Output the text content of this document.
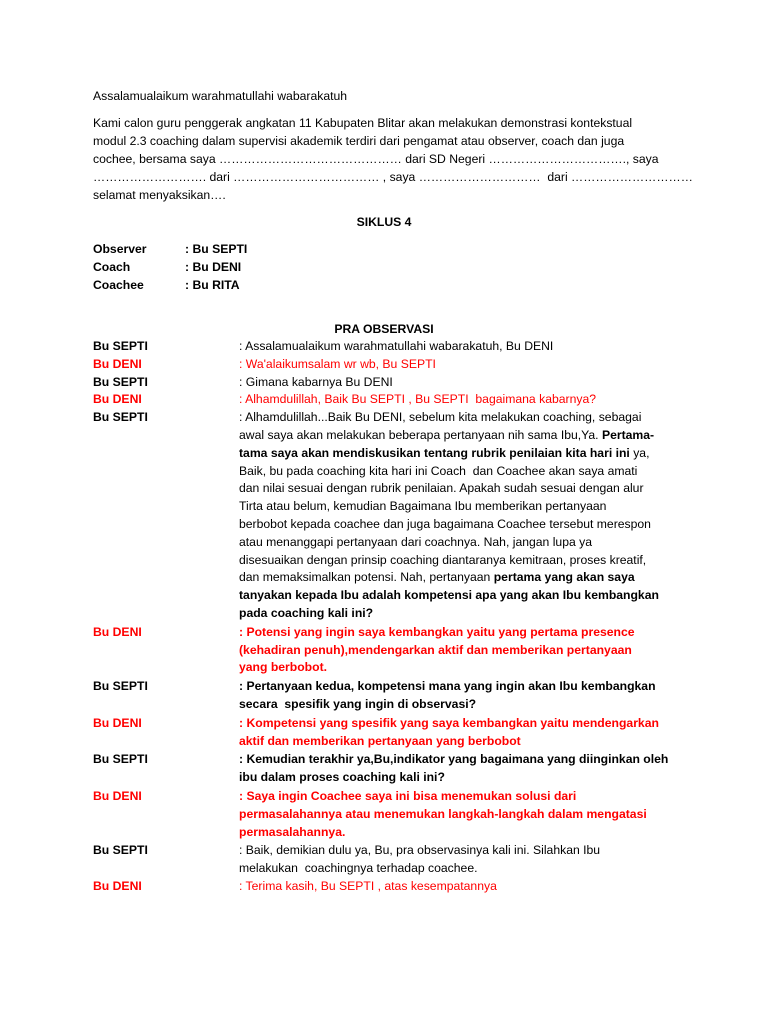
Assalamualaikum warahmatullahi wabarakatuh
Kami calon guru penggerak angkatan 11 Kabupaten Blitar akan melakukan demonstrasi kontekstual
modul 2.3 coaching dalam supervisi akademik terdiri dari pengamat atau observer, coach dan juga
cochee, bersama saya ……………………………………… dari SD Negeri ……………………………., saya
………………………. dari ……………………………… , saya …………………………  dari …………………………
selamat menyaksikan….
SIKLUS 4
Observer	: Bu SEPTI
Coach	: Bu DENI
Coachee	: Bu RITA
PRA OBSERVASI
Bu SEPTI	: Assalamualaikum warahmatullahi wabarakatuh, Bu DENI
Bu DENI	: Wa'alaikumsalam wr wb, Bu SEPTI
Bu SEPTI	: Gimana kabarnya Bu DENI
Bu DENI	: Alhamdulillah, Baik Bu SEPTI , Bu SEPTI  bagaimana kabarnya?
Bu SEPTI	: Alhamdulillah...Baik Bu DENI, sebelum kita melakukan coaching, sebagai
awal saya akan melakukan beberapa pertanyaan nih sama Ibu,Ya. Pertama-
tama saya akan mendiskusikan tentang rubrik penilaian kita hari ini ya,
Baik, bu pada coaching kita hari ini Coach  dan Coachee akan saya amati
dan nilai sesuai dengan rubrik penilaian. Apakah sudah sesuai dengan alur
Tirta atau belum, kemudian Bagaimana Ibu memberikan pertanyaan
berbobot kepada coachee dan juga bagaimana Coachee tersebut merespon
atau menanggapi pertanyaan dari coachnya. Nah, jangan lupa ya
disesuaikan dengan prinsip coaching diantaranya kemitraan, proses kreatif,
dan memaksimalkan potensi. Nah, pertanyaan pertama yang akan saya
tanyakan kepada Ibu adalah kompetensi apa yang akan Ibu kembangkan
pada coaching kali ini?
Bu DENI	: Potensi yang ingin saya kembangkan yaitu yang pertama presence
(kehadiran penuh),mendengarkan aktif dan memberikan pertanyaan
yang berbobot.
Bu SEPTI	: Pertanyaan kedua, kompetensi mana yang ingin akan Ibu kembangkan
secara  spesifik yang ingin di observasi?
Bu DENI	: Kompetensi yang spesifik yang saya kembangkan yaitu mendengarkan
aktif dan memberikan pertanyaan yang berbobot
Bu SEPTI	: Kemudian terakhir ya,Bu,indikator yang bagaimana yang diinginkan oleh
ibu dalam proses coaching kali ini?
Bu DENI	: Saya ingin Coachee saya ini bisa menemukan solusi dari
permasalahannya atau menemukan langkah-langkah dalam mengatasi
permasalahannya.
Bu SEPTI	: Baik, demikian dulu ya, Bu, pra observasinya kali ini. Silahkan Ibu
melakukan  coachingnya terhadap coachee.
Bu DENI	: Terima kasih, Bu SEPTI , atas kesempatannya
